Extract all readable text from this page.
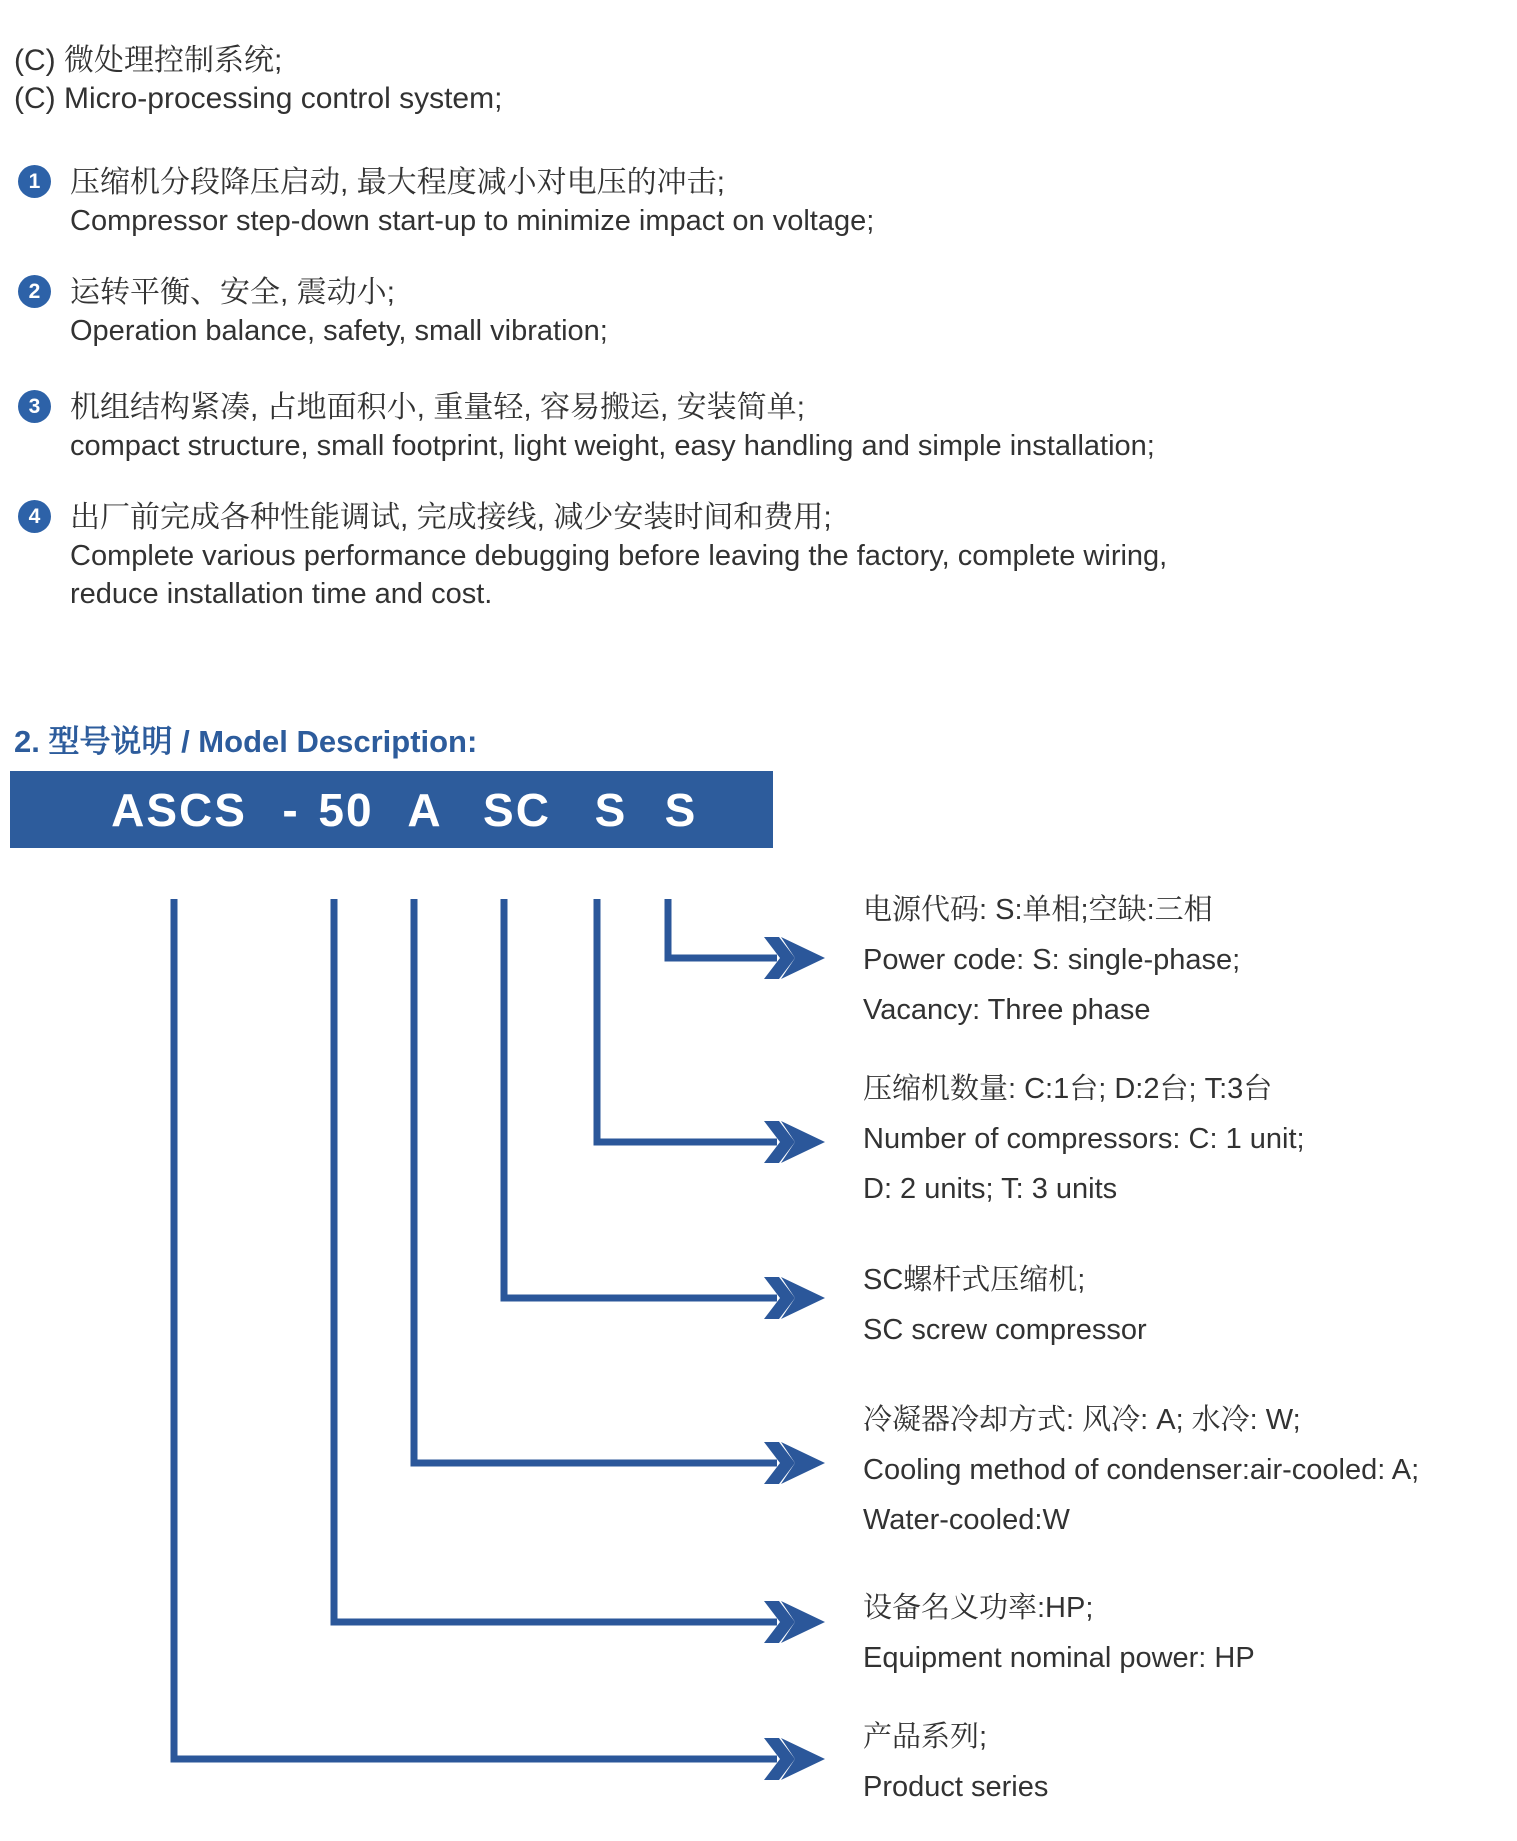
(C) 微处理控制系统;
(C) Micro-processing control system;
1 压缩机分段降压启动, 最大程度减小对电压的冲击;
Compressor step-down start-up to minimize impact on voltage;
2 运转平衡、安全, 震动小;
Operation balance, safety, small vibration;
3 机组结构紧凑, 占地面积小, 重量轻, 容易搬运, 安装简单;
compact structure, small footprint, light weight, easy handling and simple installation;
4 出厂前完成各种性能调试, 完成接线, 减少安装时间和费用;
Complete various performance debugging before leaving the factory, complete wiring,
reduce installation time and cost.
2. 型号说明 / Model Description:
ASCS - 50 A SC S S
电源代码: S:单相;空缺:三相
Power code: S: single-phase;
Vacancy: Three phase
压缩机数量: C:1台; D:2台; T:3台
Number of compressors: C: 1 unit;
D: 2 units; T: 3 units
SC螺杆式压缩机;
SC screw compressor
冷凝器冷却方式: 风冷: A; 水冷: W;
Cooling method of condenser:air-cooled: A;
Water-cooled:W
设备名义功率:HP;
Equipment nominal power: HP
产品系列;
Product series
